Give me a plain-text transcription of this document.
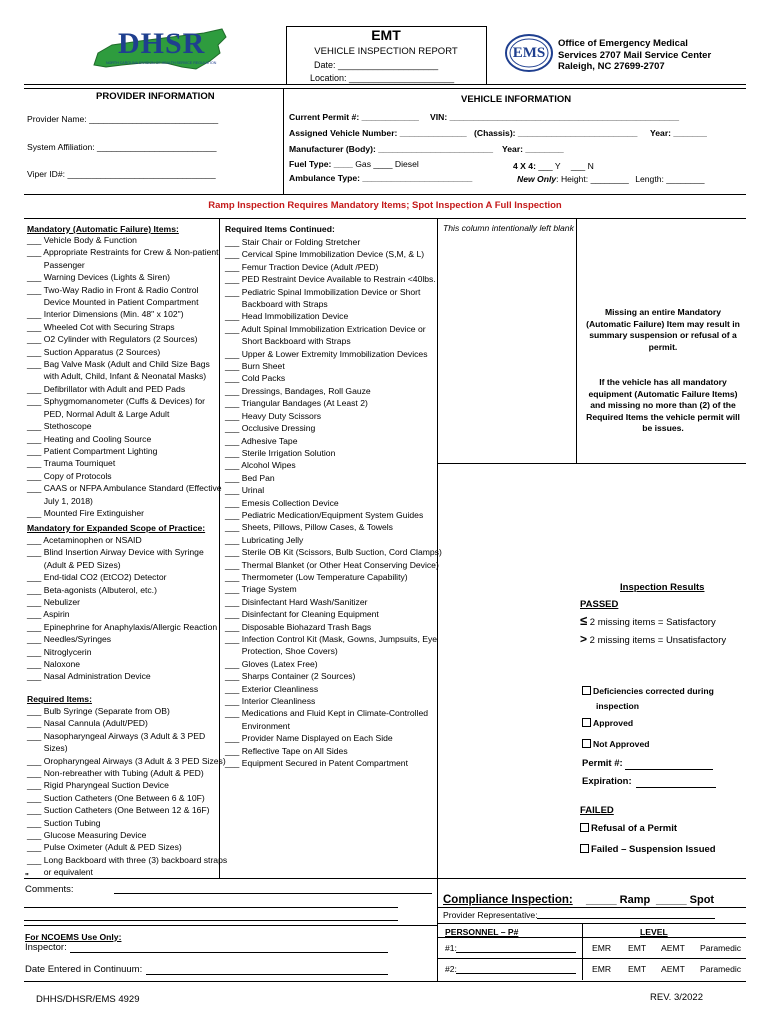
DHSR
NORTH CAROLINA DIVISION OF HEALTH SERVICE REGULATION
EMS
EMT
VEHICLE INSPECTION REPORT
Date: ____________________
Location: _____________________
Office of Emergency Medical
Services 2707 Mail Service Center
Raleigh, NC 27699-2707
PROVIDER INFORMATION
Provider Name: ___________________________
System Affiliation: _________________________
Viper ID#: _______________________________
VEHICLE INFORMATION
Current Permit #: ____________ VIN: ________________________________________________
Assigned Vehicle Number: ______________ (Chassis): _________________________ Year: _______
Manufacturer (Body): ________________________ Year: ________
Fuel Type: ____ Gas ____ Diesel	4 X 4: ___ Y ___ N
Ambulance Type: _______________________	New Only: Height: ________ Length: ________
Ramp Inspection Requires Mandatory Items; Spot Inspection A Full Inspection
Mandatory (Automatic Failure) Items:
___ Vehicle Body & Function
___ Appropriate Restraints for Crew & Non-patient
Passenger
___ Warning Devices (Lights & Siren)
___ Two-Way Radio in Front & Radio Control
Device Mounted in Patient Compartment
___ Interior Dimensions (Min. 48" x 102")
___ Wheeled Cot with Securing Straps
___ O2 Cylinder with Regulators (2 Sources)
___ Suction Apparatus (2 Sources)
___ Bag Valve Mask (Adult and Child Size Bags
with Adult, Child, Infant & Neonatal Masks)
___ Defibrillator with Adult and PED Pads
___ Sphygmomanometer (Cuffs & Devices) for
PED, Normal Adult & Large Adult
___ Stethoscope
___ Heating and Cooling Source
___ Patient Compartment Lighting
___ Trauma Tourniquet
___ Copy of Protocols
___ CAAS or NFPA Ambulance Standard (Effective
July 1, 2018)
___ Mounted Fire Extinguisher
Mandatory for Expanded Scope of Practice:
___ Acetaminophen or NSAID
___ Blind Insertion Airway Device with Syringe
(Adult & PED Sizes)
___ End-tidal CO2 (EtCO2) Detector
___ Beta-agonists (Albuterol, etc.)
___ Nebulizer
___ Aspirin
___ Epinephrine for Anaphylaxis/Allergic Reaction
___ Needles/Syringes
___ Nitroglycerin
___ Naloxone
___ Nasal Administration Device
Required Items:
___ Bulb Syringe (Separate from OB)
___ Nasal Cannula (Adult/PED)
___ Nasopharyngeal Airways (3 Adult & 3 PED
Sizes)
___ Oropharyngeal Airways (3 Adult & 3 PED Sizes)
___ Non-rebreather with Tubing (Adult & PED)
___ Rigid Pharyngeal Suction Device
___ Suction Catheters (One Between 6 & 10F)
___ Suction Catheters (One Between 12 & 16F)
___ Suction Tubing
___ Glucose Measuring Device
___ Pulse Oximeter (Adult & PED Sizes)
___ Long Backboard with three (3) backboard straps
or equivalent
Required Items Continued:
___ Stair Chair or Folding Stretcher
___ Cervical Spine Immobilization Device (S,M, & L)
___ Femur Traction Device (Adult /PED)
___ PED Restraint Device Available to Restrain <40lbs.
___ Pediatric Spinal Immobilization Device or Short
Backboard with Straps
___ Head Immobilization Device
___ Adult Spinal Immobilization Extrication Device or
Short Backboard with Straps
___ Upper & Lower Extremity Immobilization Devices
___ Burn Sheet
___ Cold Packs
___ Dressings, Bandages, Roll Gauze
___ Triangular Bandages (At Least 2)
___ Heavy Duty Scissors
___ Occlusive Dressing
___ Adhesive Tape
___ Sterile Irrigation Solution
___ Alcohol Wipes
___ Bed Pan
___ Urinal
___ Emesis Collection Device
___ Pediatric Medication/Equipment System Guides
___ Sheets, Pillows, Pillow Cases, & Towels
___ Lubricating Jelly
___ Sterile OB Kit (Scissors, Bulb Suction, Cord Clamps)
___ Thermal Blanket (or Other Heat Conserving Device)
___ Thermometer (Low Temperature Capability)
___ Triage System
___ Disinfectant Hard Wash/Sanitizer
___ Disinfectant for Cleaning Equipment
___ Disposable Biohazard Trash Bags
___ Infection Control Kit (Mask, Gowns, Jumpsuits, Eye
Protection, Shoe Covers)
___ Gloves (Latex Free)
___ Sharps Container (2 Sources)
___ Exterior Cleanliness
___ Interior Cleanliness
___ Medications and Fluid Kept in Climate-Controlled
Environment
___ Provider Name Displayed on Each Side
___ Reflective Tape on All Sides
___ Equipment Secured in Patent Compartment
This column intentionally left blank
Missing an entire Mandatory (Automatic Failure) Item may result in summary suspension or refusal of a permit.
If the vehicle has all mandatory equipment (Automatic Failure Items) and missing no more than (2) of the Required Items the vehicle permit will be issues.
Inspection Results
PASSED
≤ 2 missing items = Satisfactory
> 2 missing items = Unsatisfactory
Deficiencies corrected during
inspection
Approved
Not Approved
Permit #:
Expiration:
FAILED
Refusal of a Permit
Failed – Suspension Issued
"
Comments:
For NCOEMS Use Only:
Inspector:
Date Entered in Continuum:
Compliance Inspection: _____ Ramp _____ Spot
Provider Representative:
PERSONNEL – P#	LEVEL
#1:	EMR EMT AEMT Paramedic
#2:	EMR EMT AEMT Paramedic
DHHS/DHSR/EMS 4929	REV. 3/2022
